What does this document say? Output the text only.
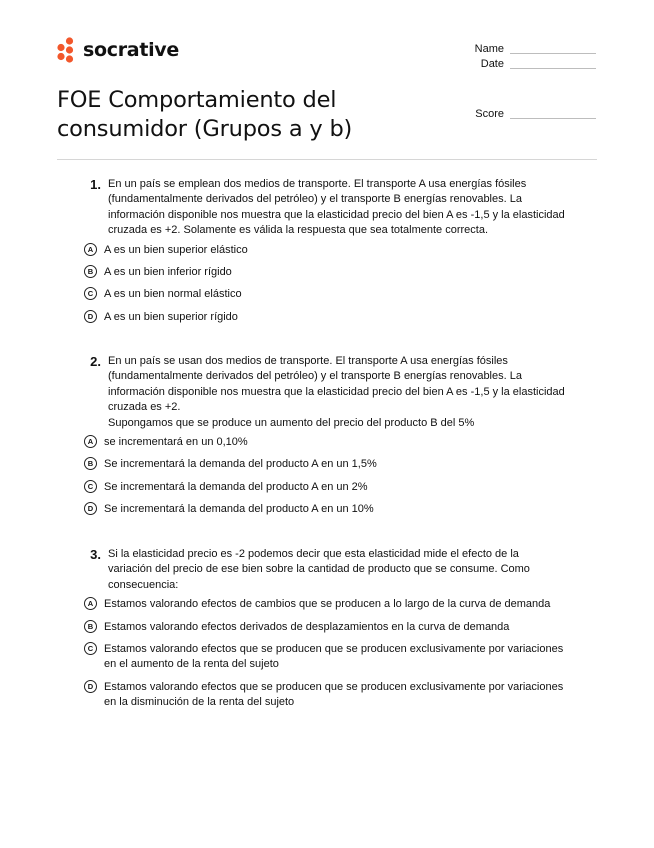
socrative	Name
Date
Score
FOE Comportamiento del consumidor (Grupos a y b)
1. En un país se emplean dos medios de transporte. El transporte A usa energías fósiles
(fundamentalmente derivados del petróleo) y el transporte B energías renovables. La
información disponible nos muestra que la elasticidad precio del bien A es -1,5 y la elasticidad
cruzada es +2. Solamente es válida la respuesta que sea totalmente correcta.
A A es un bien superior elástico
B A es un bien inferior rígido
C A es un bien normal elástico
D A es un bien superior rígido
2. En un país se usan dos medios de transporte. El transporte A usa energías fósiles
(fundamentalmente derivados del petróleo) y el transporte B energías renovables. La
información disponible nos muestra que la elasticidad precio del bien A es -1,5 y la elasticidad
cruzada es +2.
Supongamos que se produce un aumento del precio del producto B del 5%
A se incrementará en un 0,10%
B Se incrementará la demanda del producto A en un 1,5%
C Se incrementará la demanda del producto A en un 2%
D Se incrementará la demanda del producto A en un 10%
3. Si la elasticidad precio es -2 podemos decir que esta elasticidad mide el efecto de la
variación del precio de ese bien sobre la cantidad de producto que se consume. Como
consecuencia:
A Estamos valorando efectos de cambios que se producen a lo largo de la curva de demanda
B Estamos valorando efectos derivados de desplazamientos en la curva de demanda
C Estamos valorando efectos que se producen que se producen exclusivamente por variaciones
en el aumento de la renta del sujeto
D Estamos valorando efectos que se producen que se producen exclusivamente por variaciones
en la disminución de la renta del sujeto
